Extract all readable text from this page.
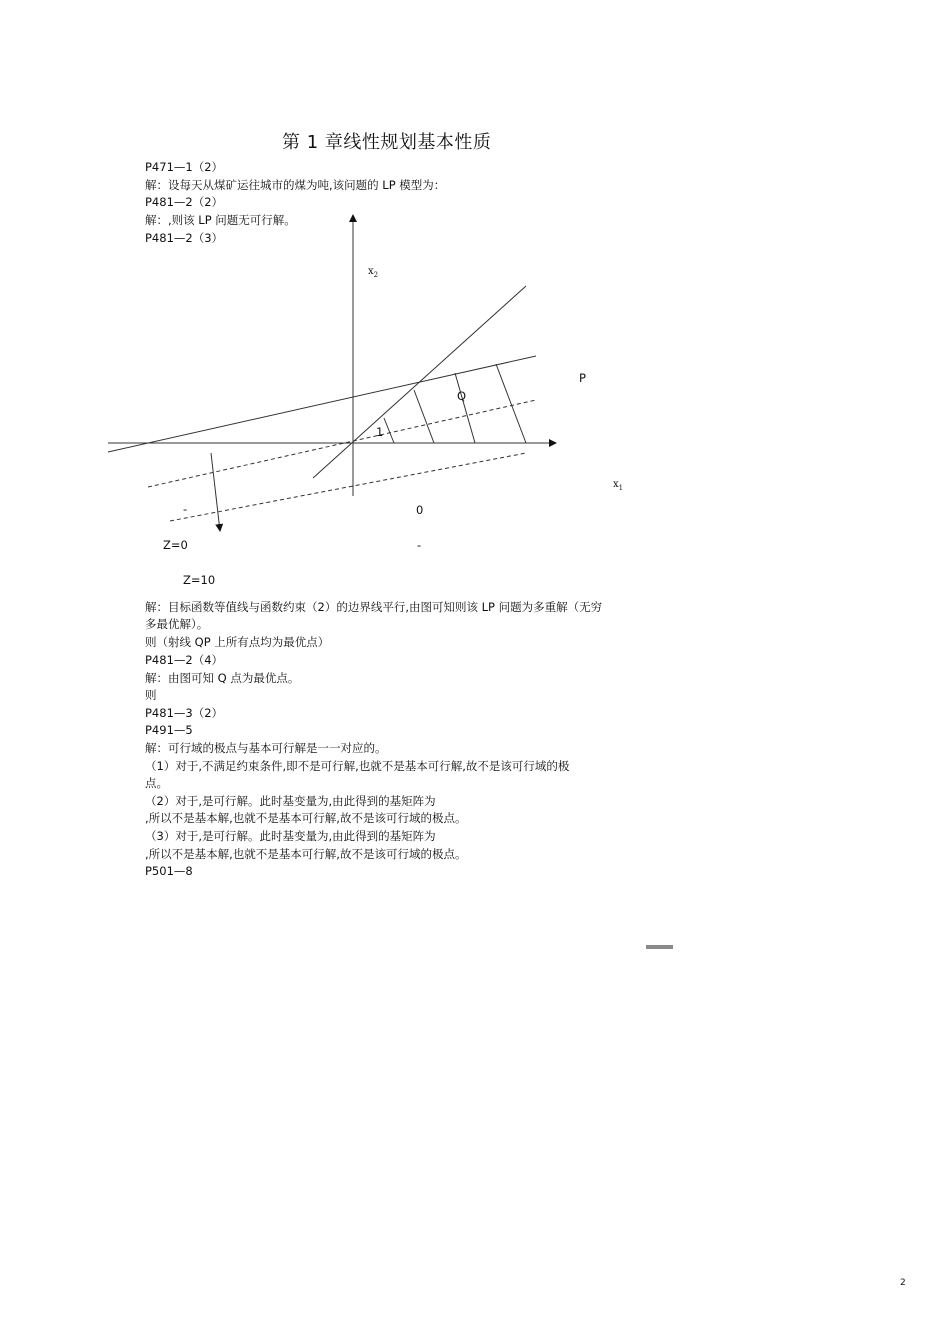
第 1 章线性规划基本性质
P471—1（2）
解：设每天从煤矿运往城市的煤为吨,该问题的 LP 模型为：
P481—2（2）
解：,则该 LP 问题无可行解。
P481—2（3）
$x_2$
$x_1$
P
Q
1
-	0
Z=0	-
Z=10
解：目标函数等值线与函数约束（2）的边界线平行,由图可知则该 LP 问题为多重解（无穷
多最优解）。
则（射线 QP 上所有点均为最优点）
P481—2（4）
解：由图可知 Q 点为最优点。
则
P481—3（2）
P491—5
解：可行域的极点与基本可行解是一一对应的。
（1）对于,不满足约束条件,即不是可行解,也就不是基本可行解,故不是该可行域的极
点。
（2）对于,是可行解。此时基变量为,由此得到的基矩阵为
,所以不是基本解,也就不是基本可行解,故不是该可行域的极点。
（3）对于,是可行解。此时基变量为,由此得到的基矩阵为
,所以不是基本解,也就不是基本可行解,故不是该可行域的极点。
P501—8
2
